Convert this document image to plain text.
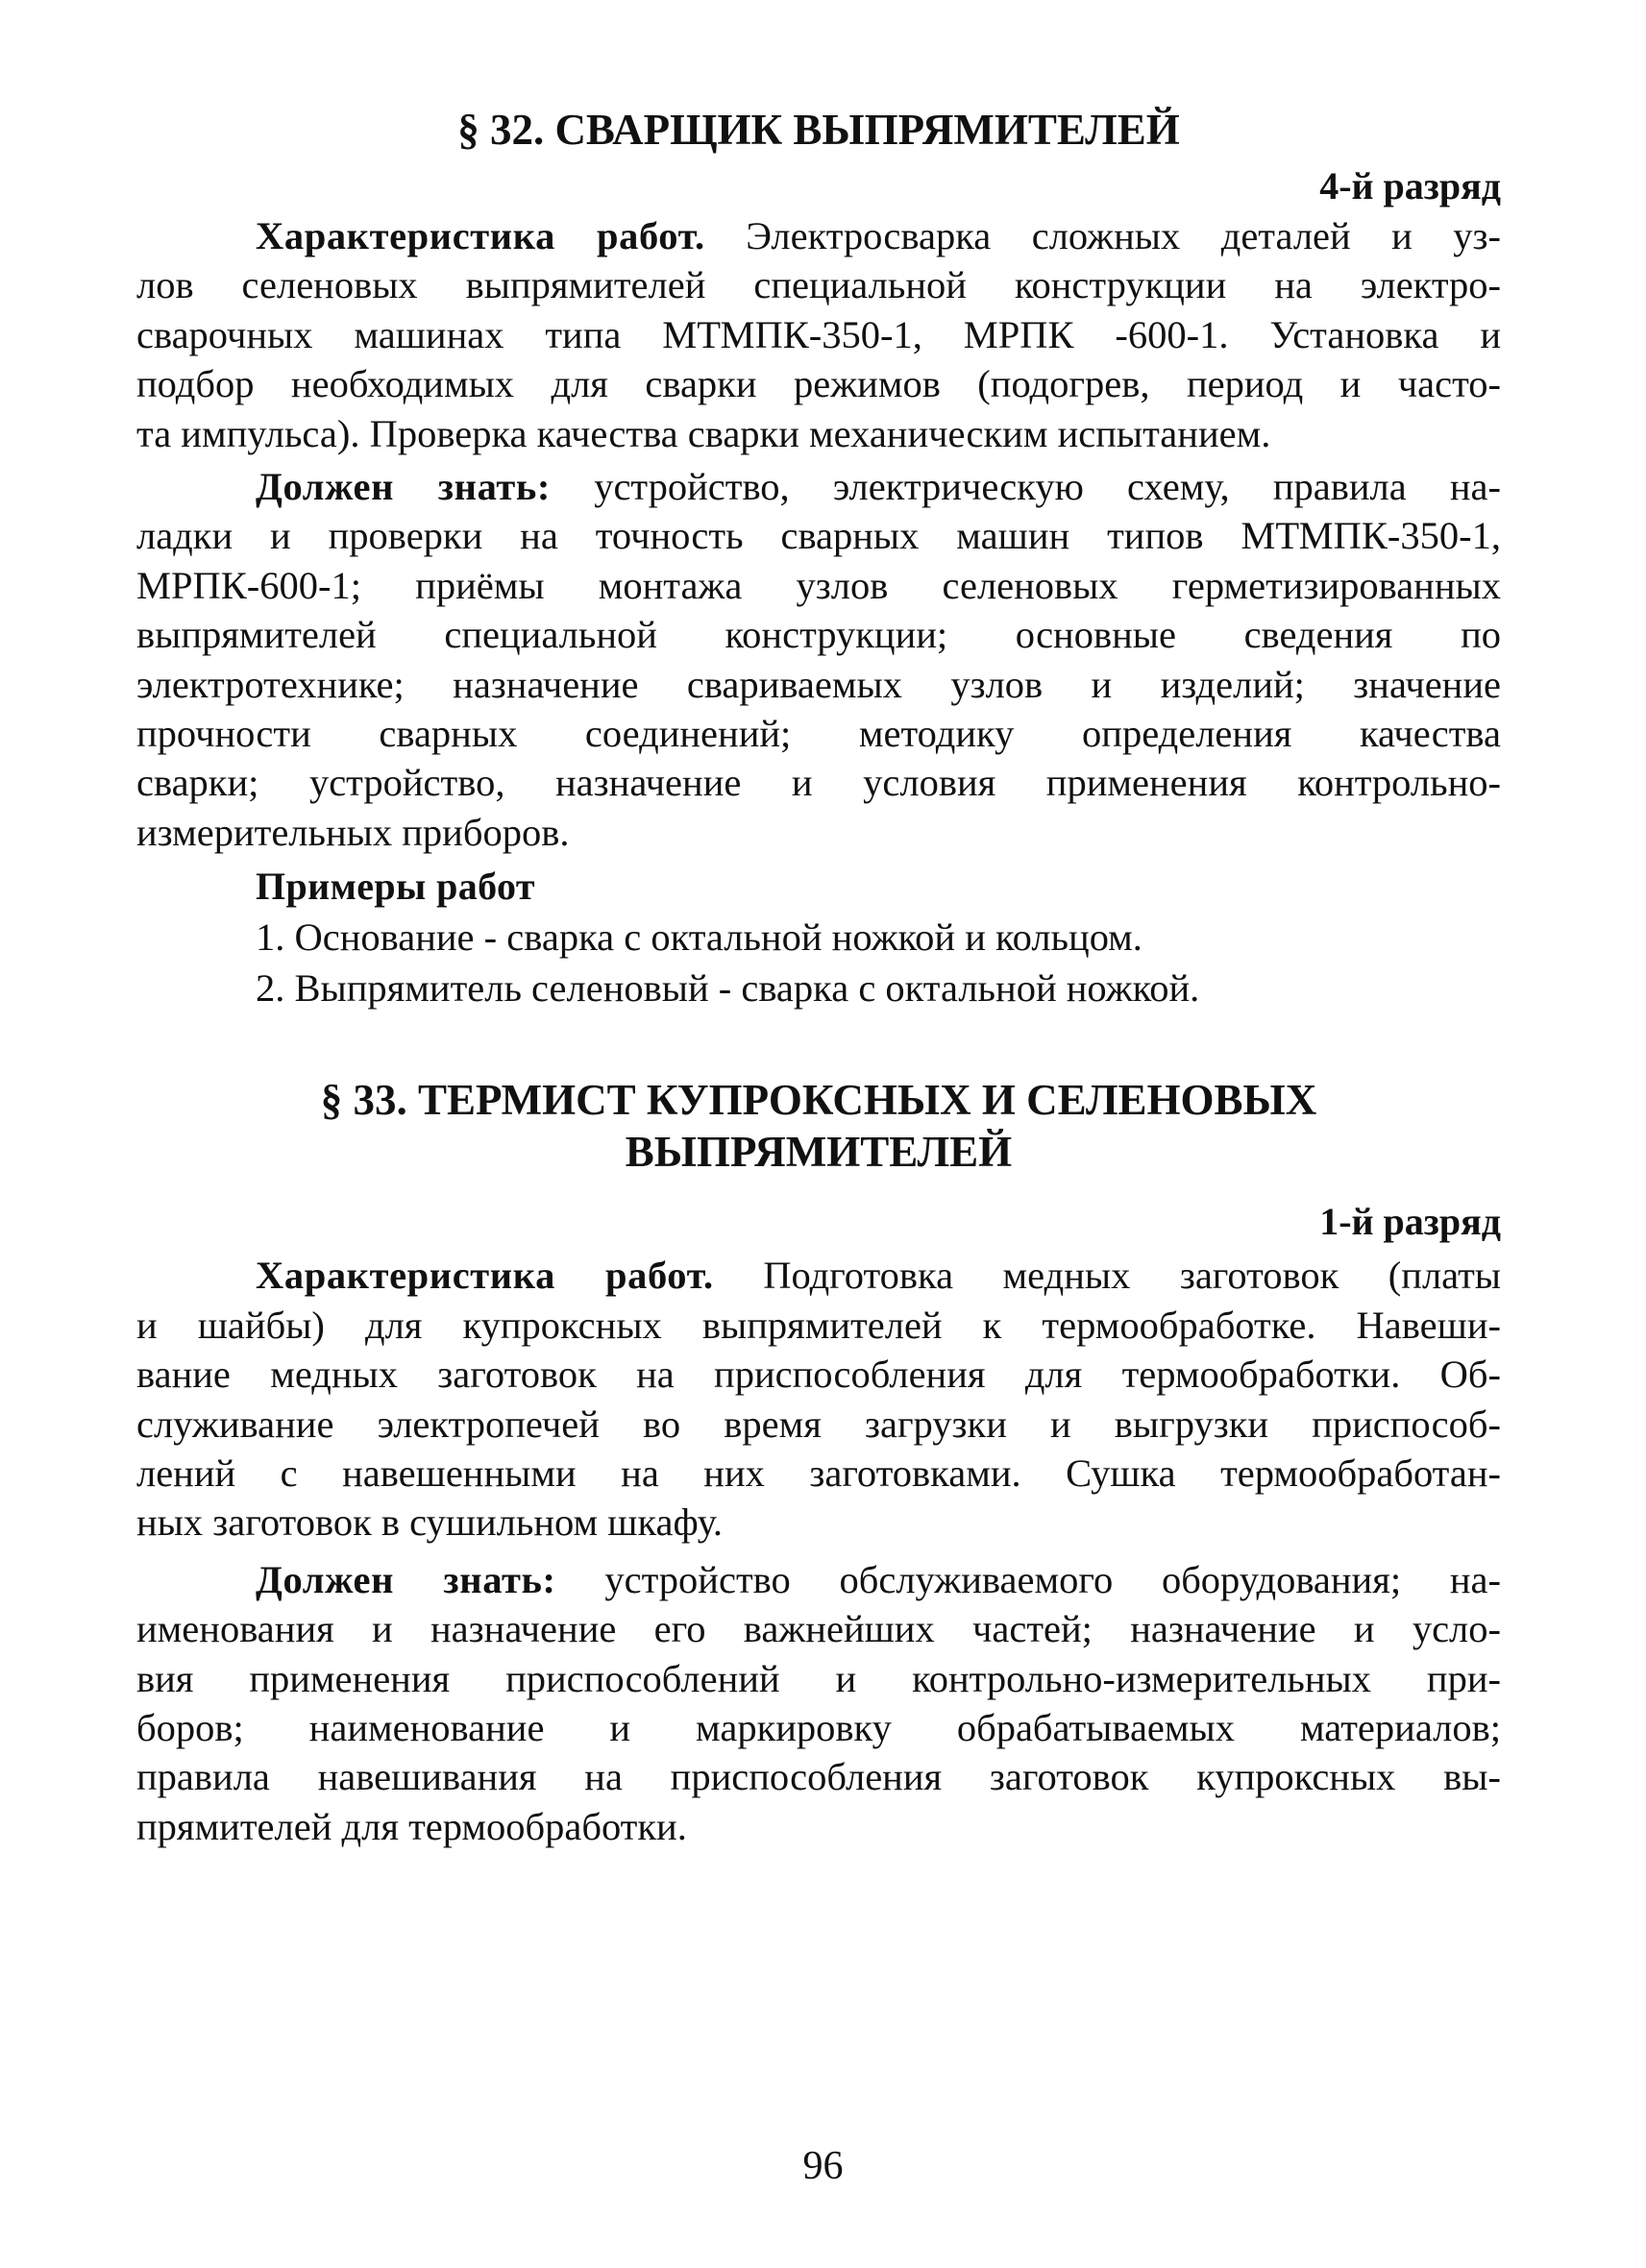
§ 32. СВАРЩИК ВЫПРЯМИТЕЛЕЙ

4-й разряд

Характеристика работ. Электросварка сложных деталей и уз-
лов селеновых выпрямителей специальной конструкции на электро-
сварочных машинах типа МТМПК-350-1, МРПК -600-1. Установка и
подбор необходимых для сварки режимов (подогрев, период и часто-
та импульса). Проверка качества сварки механическим испытанием.
Должен знать: устройство, электрическую схему, правила на-
ладки и проверки на точность сварных машин типов МТМПК-350-1,
МРПК-600-1; приёмы монтажа узлов селеновых герметизированных
выпрямителей специальной конструкции; основные сведения по
электротехнике; назначение свариваемых узлов и изделий; значение
прочности сварных соединений; методику определения качества
сварки; устройство, назначение и условия применения контрольно-
измерительных приборов.

Примеры работ

1. Основание - сварка с октальной ножкой и кольцом.

2. Выпрямитель селеновый - сварка с октальной ножкой.

§ 33. ТЕРМИСТ КУПРОКСНЫХ И СЕЛЕНОВЫХ
ВЫПРЯМИТЕЛЕЙ

1-й разряд

Характеристика работ. Подготовка медных заготовок (платы
и шайбы) для купроксных выпрямителей к термообработке. Навеши-
вание медных заготовок на приспособления для термообработки. Об-
служивание электропечей во время загрузки и выгрузки приспособ-
лений с навешенными на них заготовками. Сушка термообработан-
ных заготовок в сушильном шкафу.
Должен знать: устройство обслуживаемого оборудования; на-
именования и назначение его важнейших частей; назначение и усло-
вия применения приспособлений и контрольно-измерительных при-
боров; наименование и маркировку обрабатываемых материалов;
правила навешивания на приспособления заготовок купроксных вы-
прямителей для термообработки.
96
